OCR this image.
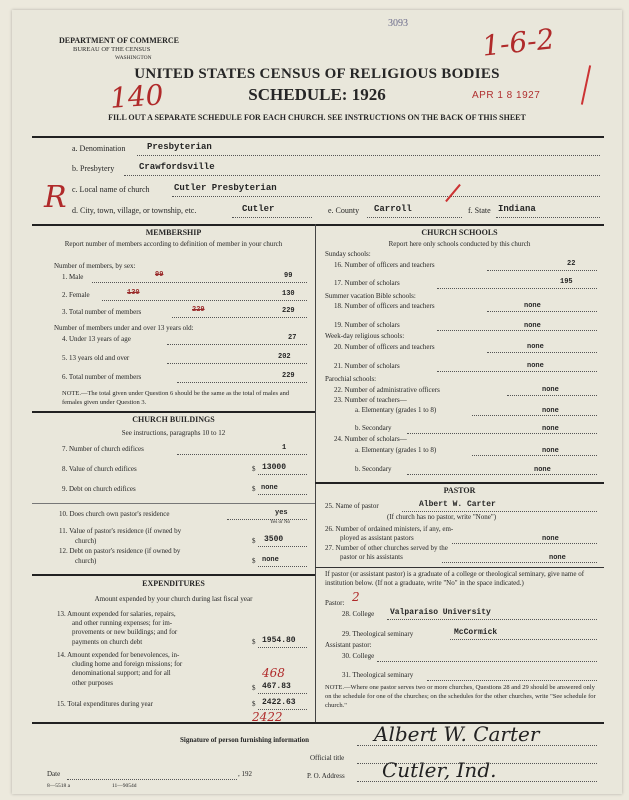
DEPARTMENT OF COMMERCE
BUREAU OF THE CENSUS
WASHINGTON
3093	1-6-2
UNITED STATES CENSUS OF RELIGIOUS BODIES
SCHEDULE: 1926
140	APR 1 8 1927
FILL OUT A SEPARATE SCHEDULE FOR EACH CHURCH. SEE INSTRUCTIONS ON THE BACK OF THIS SHEET
a. Denomination Presbyterian
b. Presbytery	Crawfordsville
R c. Local name of church	Cutler Presbyterian
d. City, town, village, or township, etc.	Cutler	e. County Carroll	f. State Indiana
MEMBERSHIP
Report number of members according to definition of member in your church
Number of members, by sex:
1. Male	99	99
2. Female	130	130
3. Total number of members	229	229
Number of members under and over 13 years old:
4. Under 13 years of age	27
5. 13 years old and over	202
6. Total number of members	229
NOTE.—The total given under Question 6 should be the same as the total of males and females given under Question 3.
CHURCH BUILDINGS
See instructions, paragraphs 10 to 12
7. Number of church edifices	1
8. Value of church edifices	$ 13000
9. Debt on church edifices	$ none
10. Does church own pastor's residence	yes
Yes or No
11. Value of pastor's residence (if owned by
church)	$ 3500
12. Debt on pastor's residence (if owned by
church)	$ none
EXPENDITURES
Amount expended by your church during last fiscal year
13. Amount expended for salaries, repairs,
and other running expenses; for im-
provements or new buildings; and for
payments on church debt	$ 1954.80
14. Amount expended for benevolences, in-
cluding home and foreign missions; for
denominational support; and for all
other purposes
468
$ 467.83
15. Total expenditures during year	$ 2422.63
2422
CHURCH SCHOOLS
Report here only schools conducted by this church
Sunday schools:
16. Number of officers and teachers	22
17. Number of scholars	195
Summer vacation Bible schools:
18. Number of officers and teachers	none
19. Number of scholars	none
Week-day religious schools:
20. Number of officers and teachers	none
21. Number of scholars	none
Parochial schools:
22. Number of administrative officers	none
23. Number of teachers—
a. Elementary (grades 1 to 8)	none
b. Secondary	none
24. Number of scholars—
a. Elementary (grades 1 to 8)	none
b. Secondary	none
PASTOR
25. Name of pastor	Albert W. Carter
(If church has no pastor, write "None")
26. Number of ordained ministers, if any, em-
ployed as assistant pastors	none
27. Number of other churches served by the
pastor or his assistants	none
If pastor (or assistant pastor) is a graduate of a college or theological seminary, give name of institution below. (If not a graduate, write "No" in the space indicated.)
Pastor: 2
28. College Valparaiso University
29. Theological seminary	McCormick
Assistant pastor:
30. College
31. Theological seminary
NOTE.—Where one pastor serves two or more churches, Questions 28 and 29 should be answered only on the schedule for one of the churches; on the schedules for the other churches, write "See schedule for church."
Signature of person furnishing information	Albert W. Carter
Official title
Date	, 192	P. O. Address Cutler, Ind.
8—5518 a	11—9054d
